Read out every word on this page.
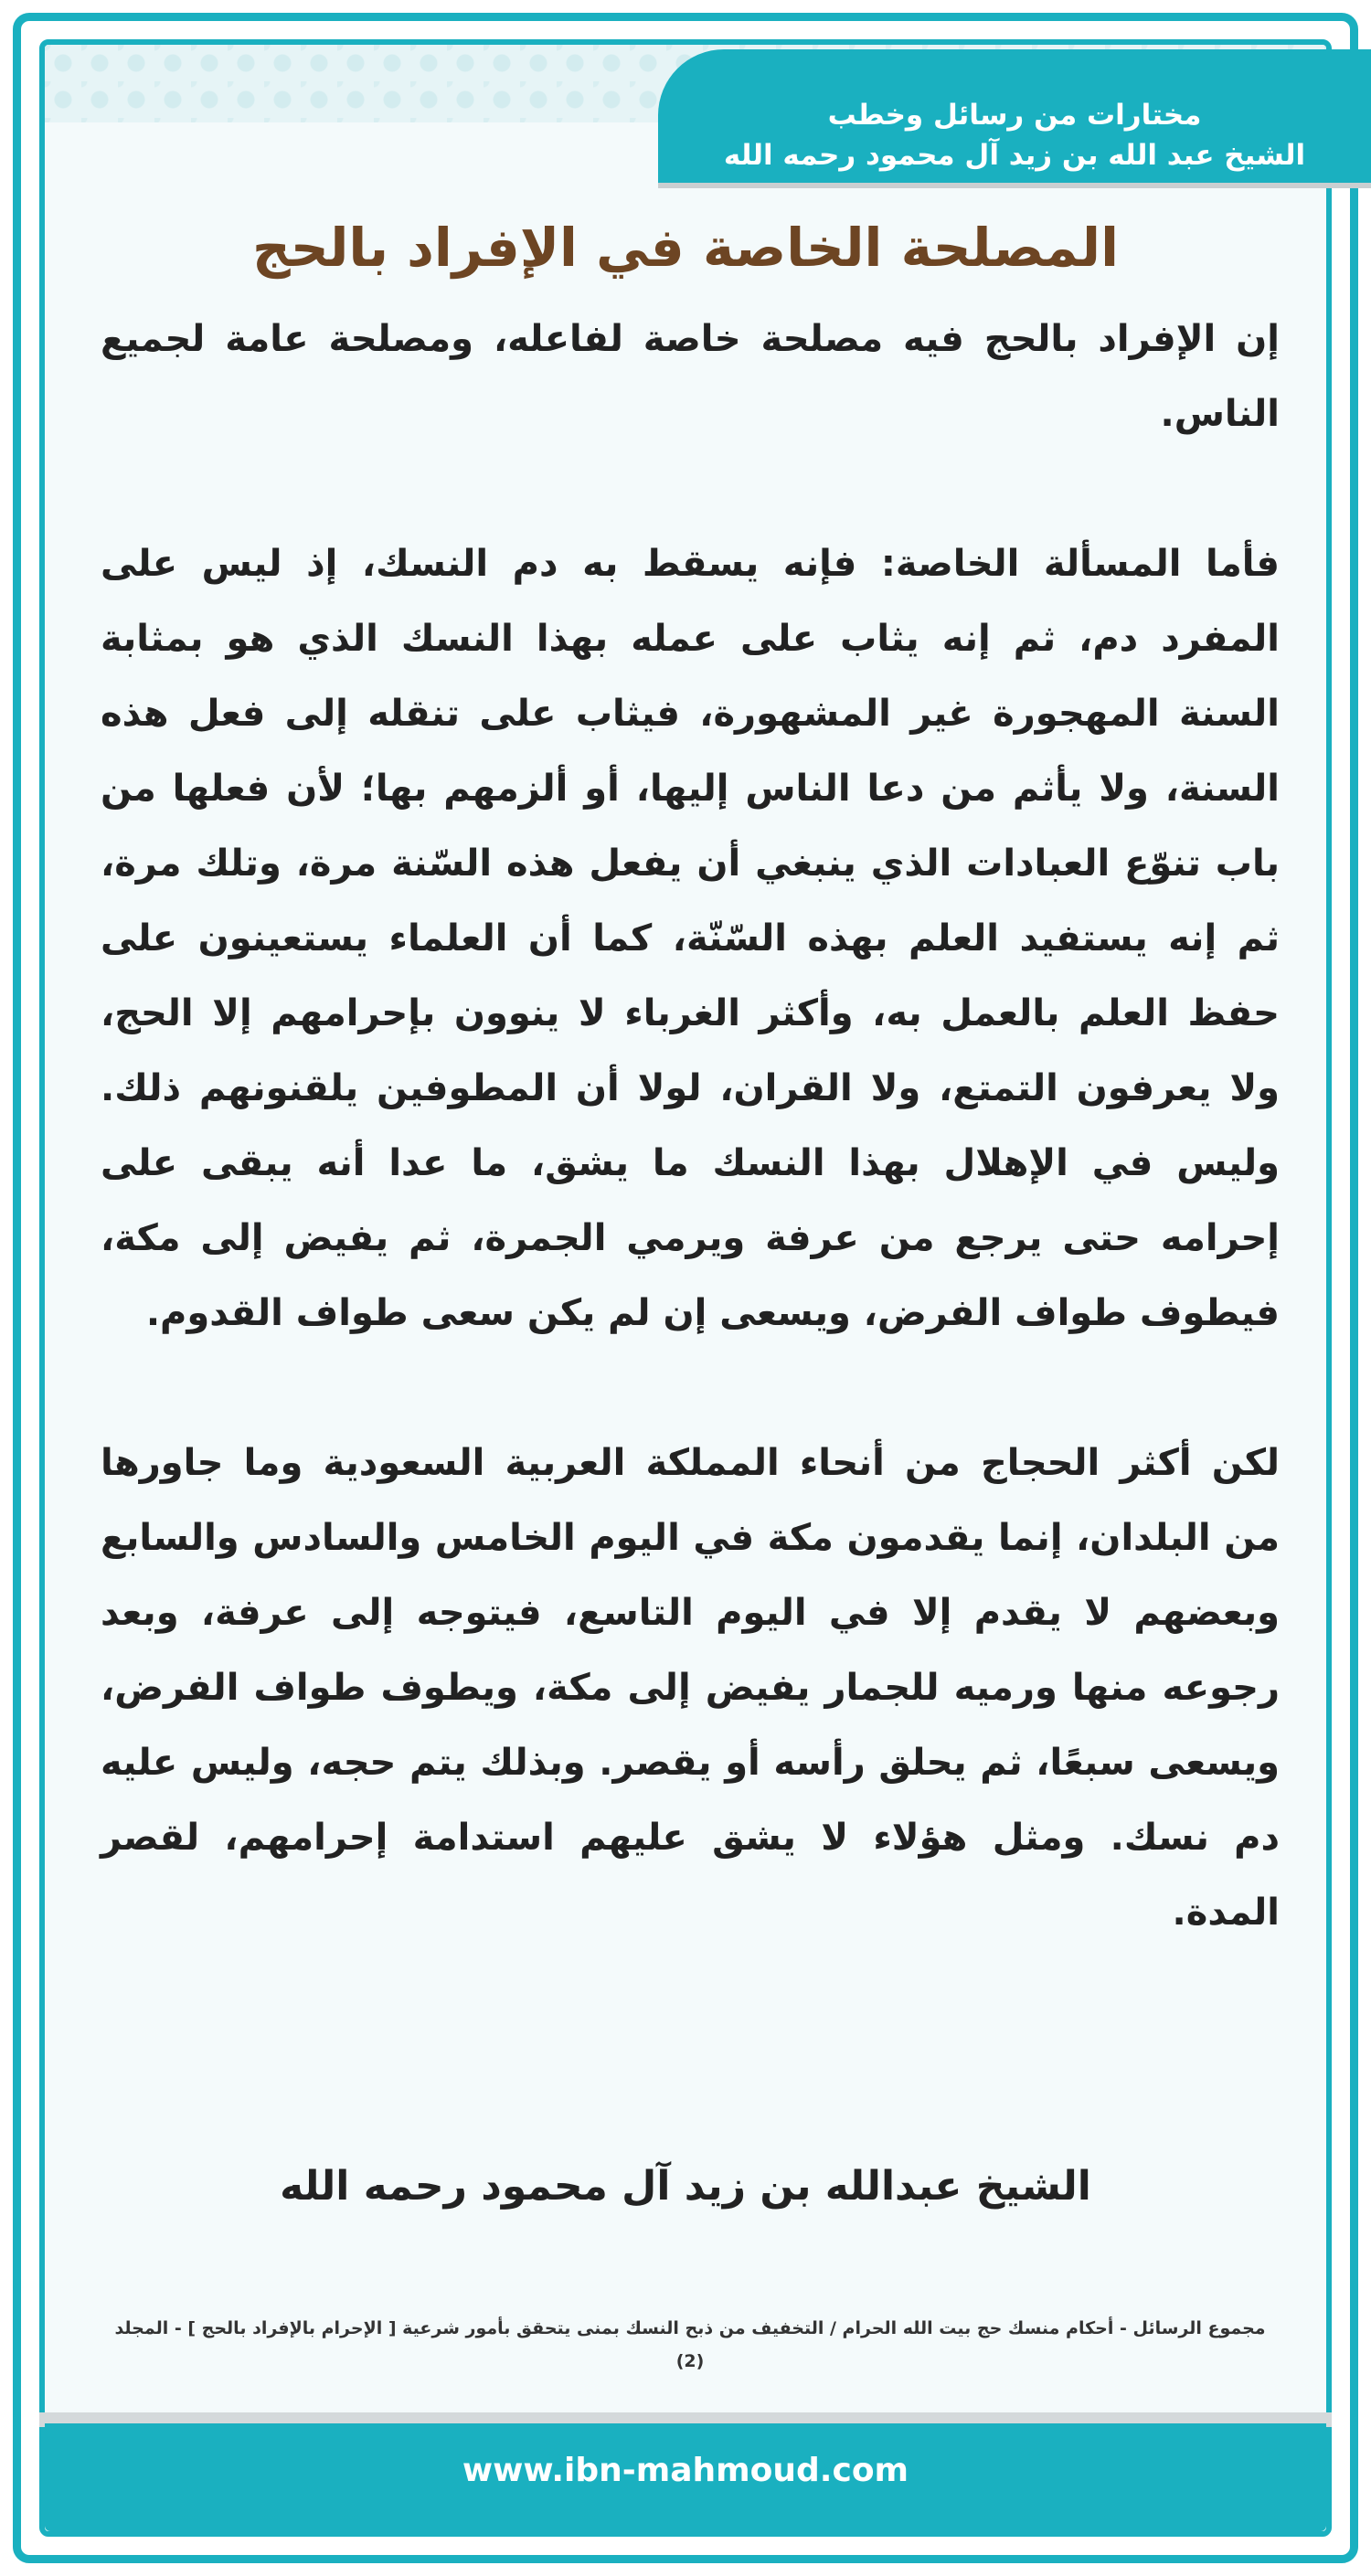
مختارات من رسائل وخطب
الشيخ عبد الله بن زيد آل محمود رحمه الله
المصلحة الخاصة في الإفراد بالحج

إن الإفراد بالحج فيه مصلحة خاصة لفاعله، ومصلحة عامة لجميع الناس.

فأما المسألة الخاصة: فإنه يسقط به دم النسك، إذ ليس على المفرد دم، ثم إنه يثاب على عمله بهذا النسك الذي هو بمثابة السنة المهجورة غير المشهورة، فيثاب على تنقله إلى فعل هذه السنة، ولا يأثم من دعا الناس إليها، أو ألزمهم بها؛ لأن فعلها من باب تنوّع العبادات الذي ينبغي أن يفعل هذه السّنة مرة، وتلك مرة، ثم إنه يستفيد العلم بهذه السّنّة، كما أن العلماء يستعينون على حفظ العلم بالعمل به، وأكثر الغرباء لا ينوون بإحرامهم إلا الحج، ولا يعرفون التمتع، ولا القران، لولا أن المطوفين يلقنونهم ذلك. وليس في الإهلال بهذا النسك ما يشق، ما عدا أنه يبقى على إحرامه حتى يرجع من عرفة ويرمي الجمرة، ثم يفيض إلى مكة، فيطوف طواف الفرض، ويسعى إن لم يكن سعى طواف القدوم.

لكن أكثر الحجاج من أنحاء المملكة العربية السعودية وما جاورها من البلدان، إنما يقدمون مكة في اليوم الخامس والسادس والسابع وبعضهم لا يقدم إلا في اليوم التاسع، فيتوجه إلى عرفة، وبعد رجوعه منها ورميه للجمار يفيض إلى مكة، ويطوف طواف الفرض، ويسعى سبعًا، ثم يحلق رأسه أو يقصر. وبذلك يتم حجه، وليس عليه دم نسك. ومثل هؤلاء لا يشق عليهم استدامة إحرامهم، لقصر المدة.

الشيخ عبدالله بن زيد آل محمود رحمه الله
مجموع الرسائل - أحكام منسك حج بيت الله الحرام / التخفيف من ذبح النسك بمنى يتحقق بأمور شرعية [ الإحرام بالإفراد بالحج ] - المجلد (2)
www.ibn-mahmoud.com
